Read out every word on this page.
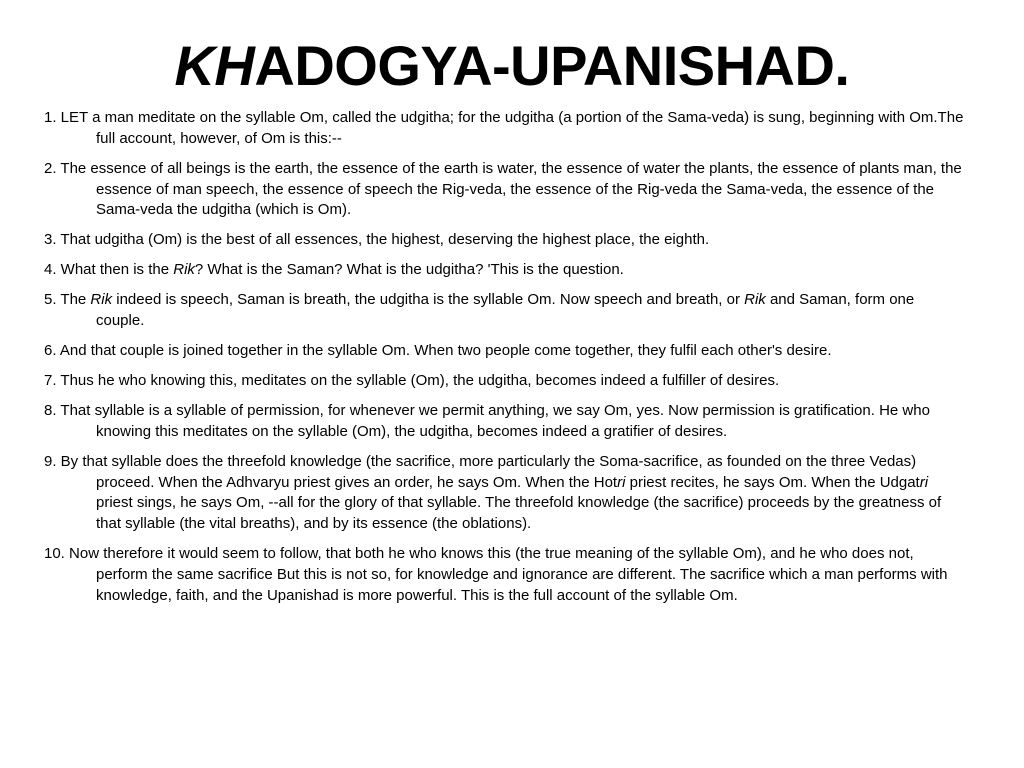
KHADOGYA-UPANISHAD.

1. LET a man meditate on the syllable Om, called the udgitha; for the udgitha (a portion of the Sama-veda) is sung, beginning with Om.The full account, however, of Om is this:--

2. The essence of all beings is the earth, the essence of the earth is water, the essence of water the plants, the essence of plants man, the essence of man speech, the essence of speech the Rig-veda, the essence of the Rig-veda the Sama-veda, the essence of the Sama-veda the udgitha (which is Om).

3. That udgitha (Om) is the best of all essences, the highest, deserving the highest place, the eighth.

4. What then is the Rik? What is the Saman? What is the udgitha? 'This is the question.

5. The Rik indeed is speech, Saman is breath, the udgitha is the syllable Om. Now speech and breath, or Rik and Saman, form one couple.

6. And that couple is joined together in the syllable Om. When two people come together, they fulfil each other's desire.

7. Thus he who knowing this, meditates on the syllable (Om), the udgitha, becomes indeed a fulfiller of desires.

8. That syllable is a syllable of permission, for whenever we permit anything, we say Om, yes. Now permission is gratification. He who knowing this meditates on the syllable (Om), the udgitha, becomes indeed a gratifier of desires.

9. By that syllable does the threefold knowledge (the sacrifice, more particularly the Soma-sacrifice, as founded on the three Vedas) proceed. When the Adhvaryu priest gives an order, he says Om. When the Hotri priest recites, he says Om. When the Udgatri priest sings, he says Om, --all for the glory of that syllable. The threefold knowledge (the sacrifice) proceeds by the greatness of that syllable (the vital breaths), and by its essence (the oblations).

10. Now therefore it would seem to follow, that both he who knows this (the true meaning of the syllable Om), and he who does not, perform the same sacrifice But this is not so, for knowledge and ignorance are different. The sacrifice which a man performs with knowledge, faith, and the Upanishad is more powerful. This is the full account of the syllable Om.
